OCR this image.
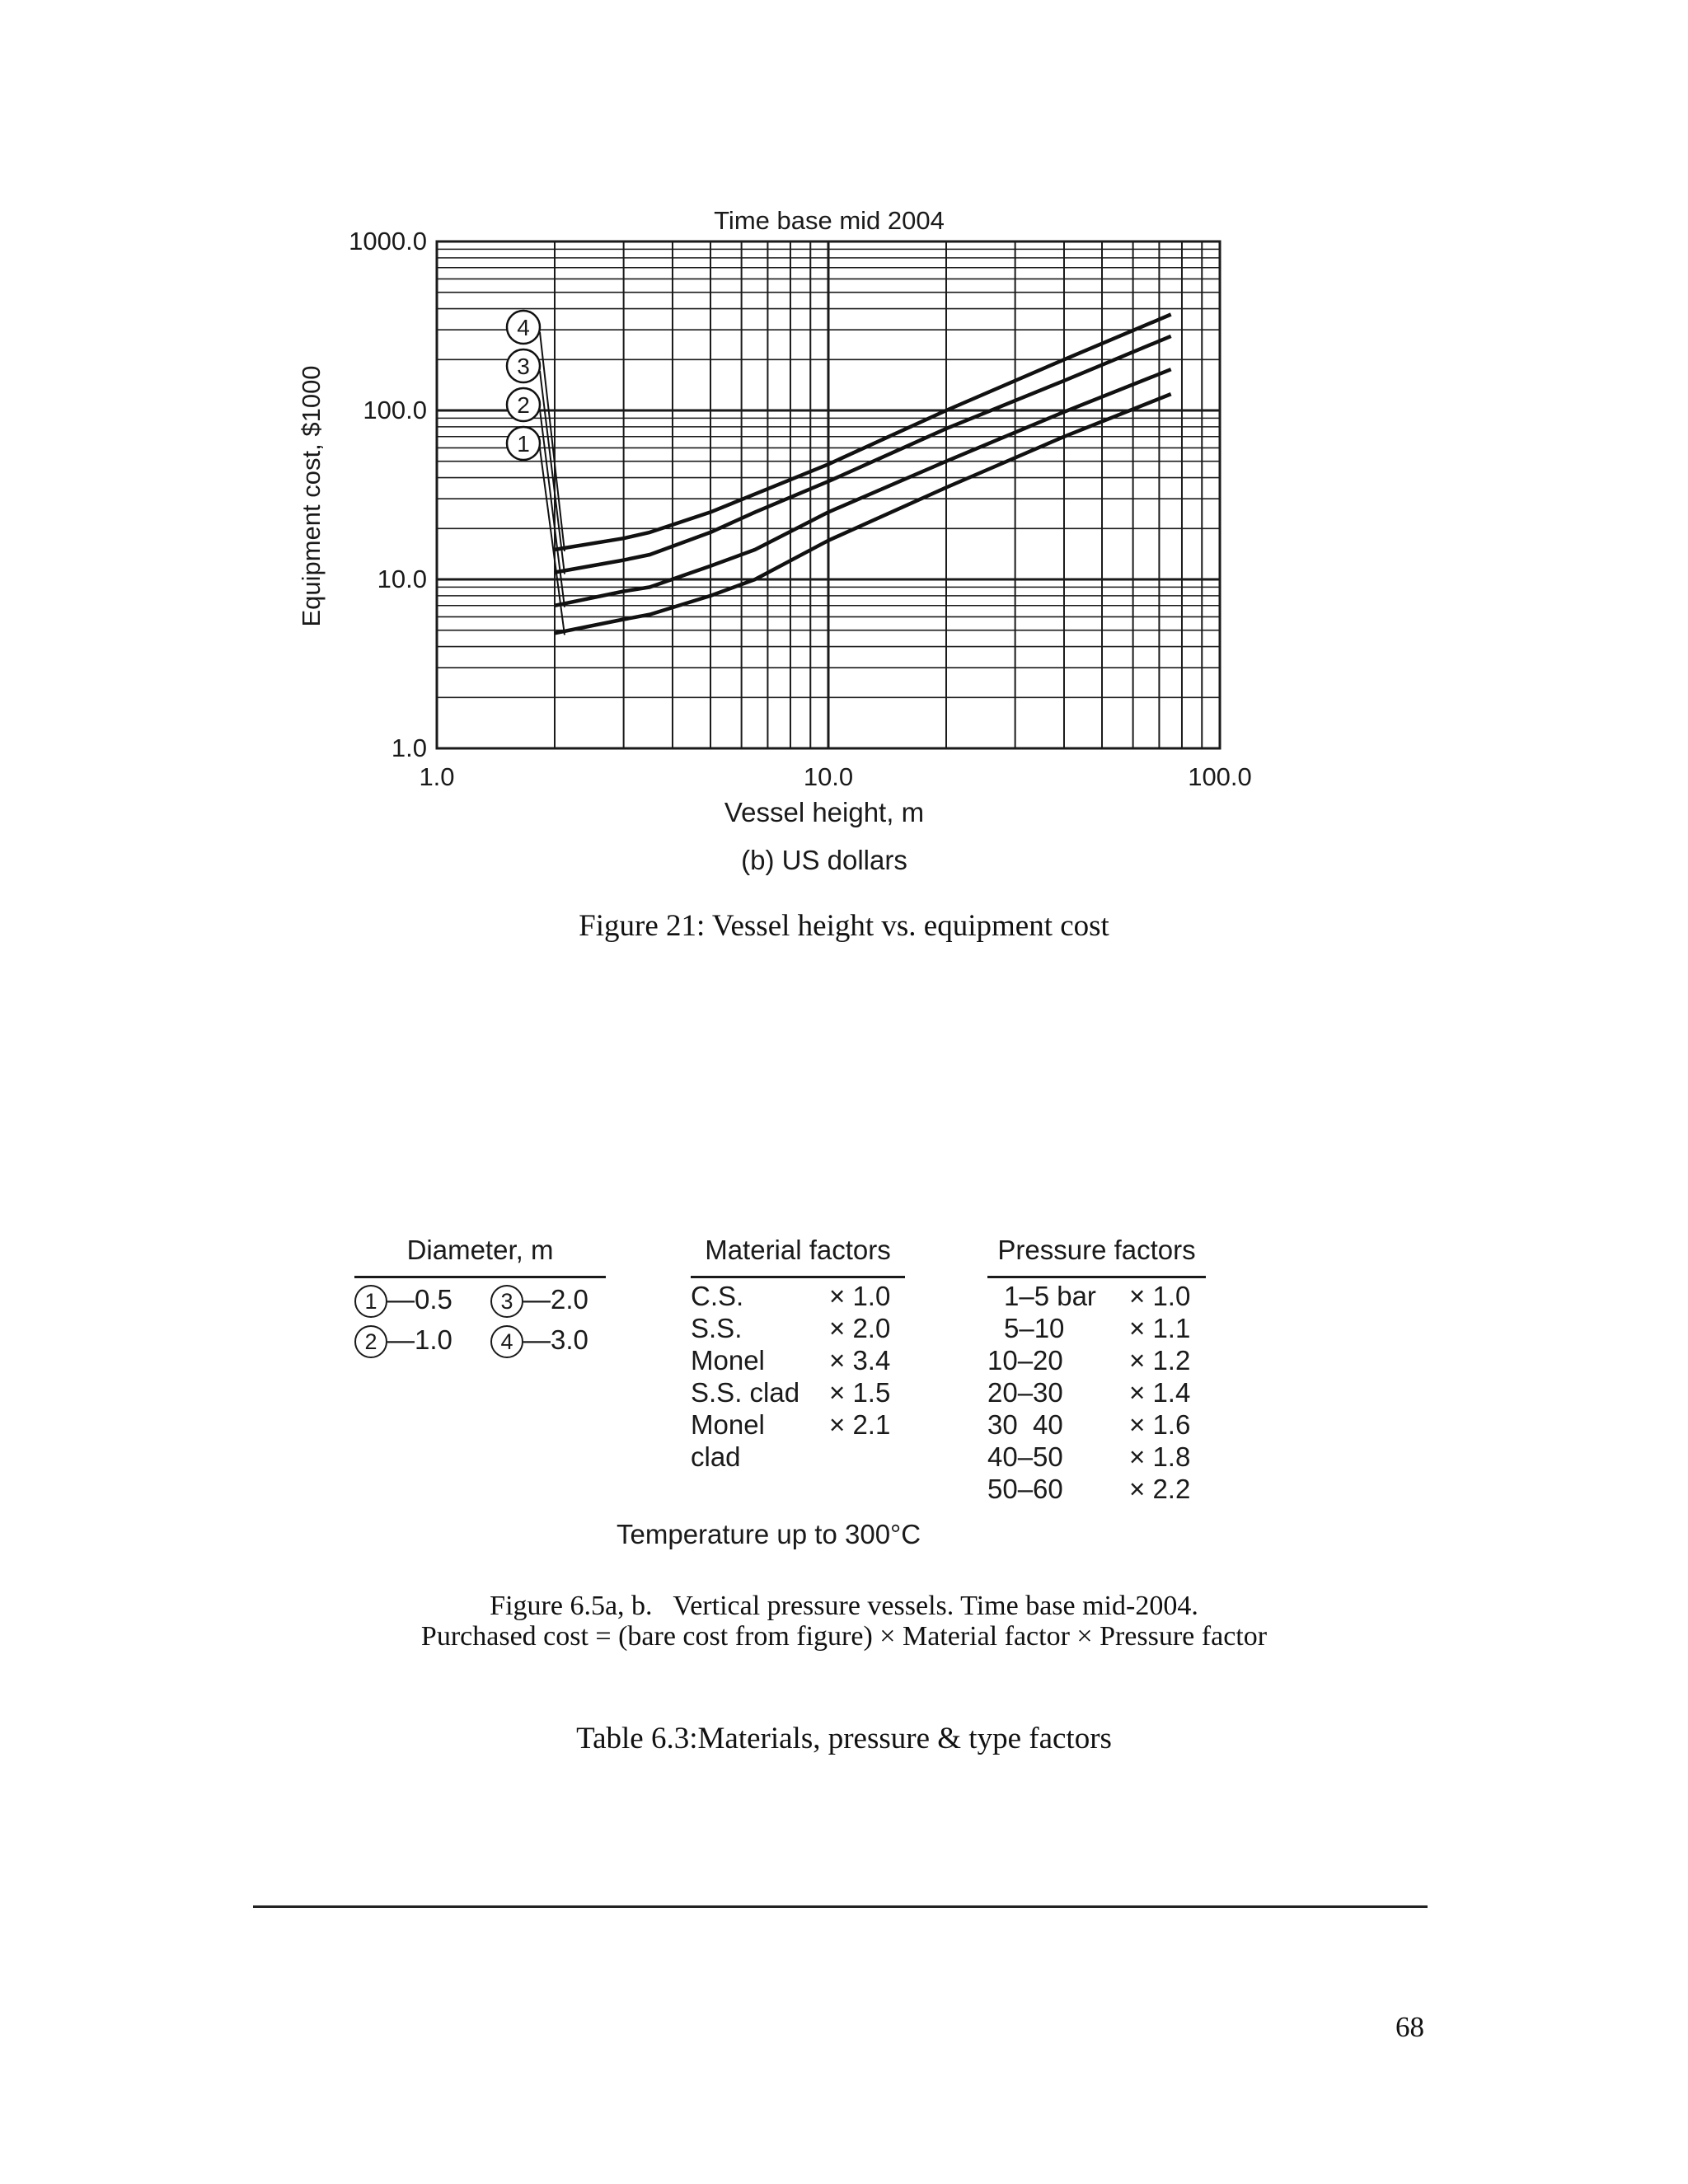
Time base mid 2004
1.0
10.0
100.0
1000.0
1.0	10.0	100.0
4
3
2
1
Equipment cost, $1000
Vessel height, m
(b) US dollars
Figure 21: Vessel height vs. equipment cost
Diameter, m
1 —0.5	3 —2.0
2 —1.0	4 —3.0
Material factors
C.S.	× 1.0
S.S.	× 2.0
Monel × 3.4
S.S. clad × 1.5
Monel × 2.1
clad
Pressure factors
1–5 bar × 1.0
5–10 × 1.1
10–20 × 1.2
20–30 × 1.4
30  40 × 1.6
40–50 × 1.8
50–60 × 2.2
Temperature up to 300°C
Figure 6.5a, b. Vertical pressure vessels. Time base mid-2004.
Purchased cost = (bare cost from figure) × Material factor × Pressure factor
Table 6.3:Materials, pressure & type factors
68
